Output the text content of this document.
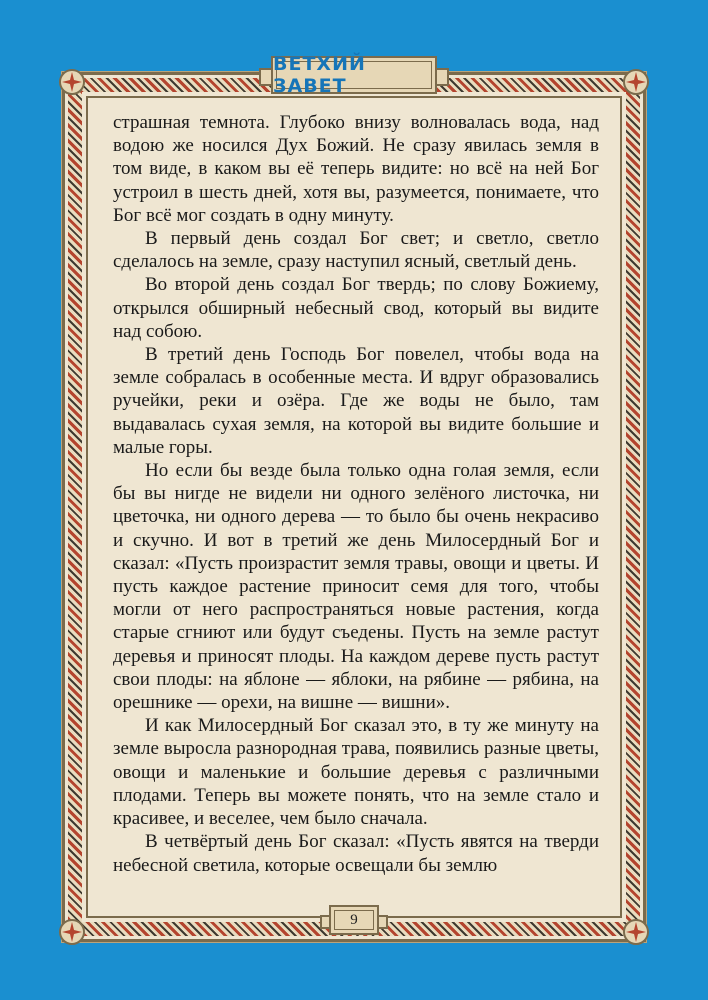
ВЕТХИЙ ЗАВЕТ

страшная темнота. Глубоко внизу волновалась вода, над водою же носился Дух Божий. Не сразу явилась земля в том виде, в каком вы её теперь видите: но всё на ней Бог устроил в шесть дней, хотя вы, разумеется, понимаете, что Бог всё мог создать в одну минуту.

В первый день создал Бог свет; и светло, светло сделалось на земле, сразу наступил ясный, светлый день.

Во второй день создал Бог твердь; по слову Божиему, открылся обширный небесный свод, который вы видите над собою.

В третий день Господь Бог повелел, чтобы вода на земле собралась в особенные места. И вдруг образовались ручейки, реки и озёра. Где же воды не было, там выдавалась сухая земля, на которой вы видите большие и малые горы.

Но если бы везде была только одна голая земля, если бы вы нигде не видели ни одного зелёного листочка, ни цветочка, ни одного дерева — то было бы очень некрасиво и скучно. И вот в третий же день Милосердный Бог и сказал: «Пусть произрастит земля травы, овощи и цветы. И пусть каждое растение приносит семя для того, чтобы могли от него распространяться новые растения, когда старые сгниют или будут съедены. Пусть на земле растут деревья и приносят плоды. На каждом дереве пусть растут свои плоды: на яблоне — яблоки, на рябине — рябина, на орешнике — орехи, на вишне — вишни».

И как Милосердный Бог сказал это, в ту же минуту на земле выросла разнородная трава, появились разные цветы, овощи и маленькие и большие деревья с различными плодами. Теперь вы можете понять, что на земле стало и красивее, и веселее, чем было сначала.

В четвёртый день Бог сказал: «Пусть явятся на тверди небесной светила, которые освещали бы землю

9
